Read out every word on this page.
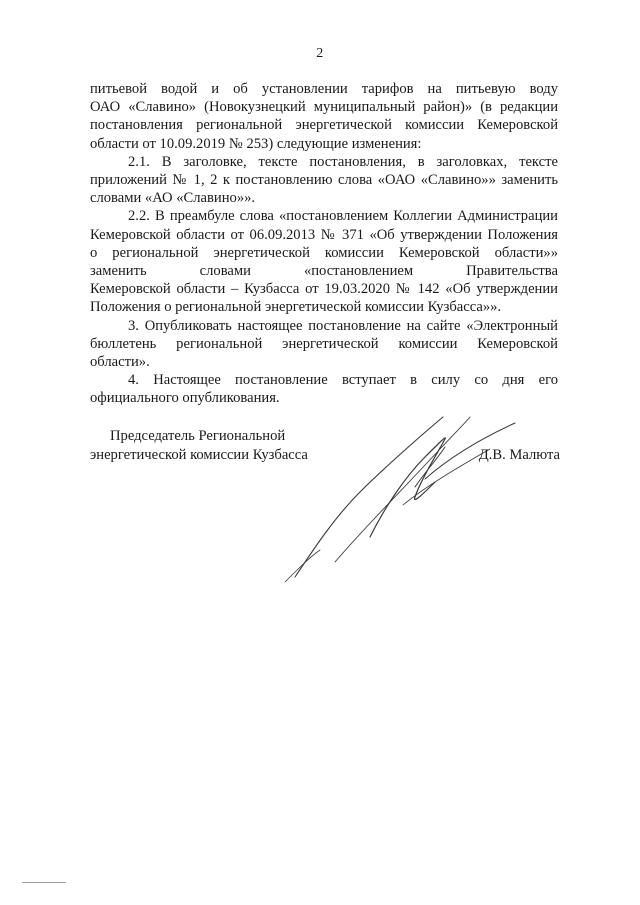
2

питьевой водой и об установлении тарифов на питьевую воду
ОАО «Славино» (Новокузнецкий муниципальный район)» (в редакции
постановления региональной энергетической комиссии Кемеровской
области от 10.09.2019 № 253) следующие изменения:

2.1. В заголовке, тексте постановления, в заголовках, тексте
приложений № 1, 2 к постановлению слова «ОАО «Славино»» заменить
словами «АО «Славино»».

2.2. В преамбуле слова «постановлением Коллегии Администрации
Кемеровской области от 06.09.2013 № 371 «Об утверждении Положения
о региональной энергетической комиссии Кемеровской области»»
заменить словами «постановлением Правительства
Кемеровской области – Кузбасса от 19.03.2020 № 142 «Об утверждении
Положения о региональной энергетической комиссии Кузбасса»».

3. Опубликовать настоящее постановление на сайте «Электронный
бюллетень региональной энергетической комиссии Кемеровской
области».

4. Настоящее постановление вступает в силу со дня его
официального опубликования.

Председатель Региональной
энергетической комиссии Кузбасса	Д.В. Малюта
